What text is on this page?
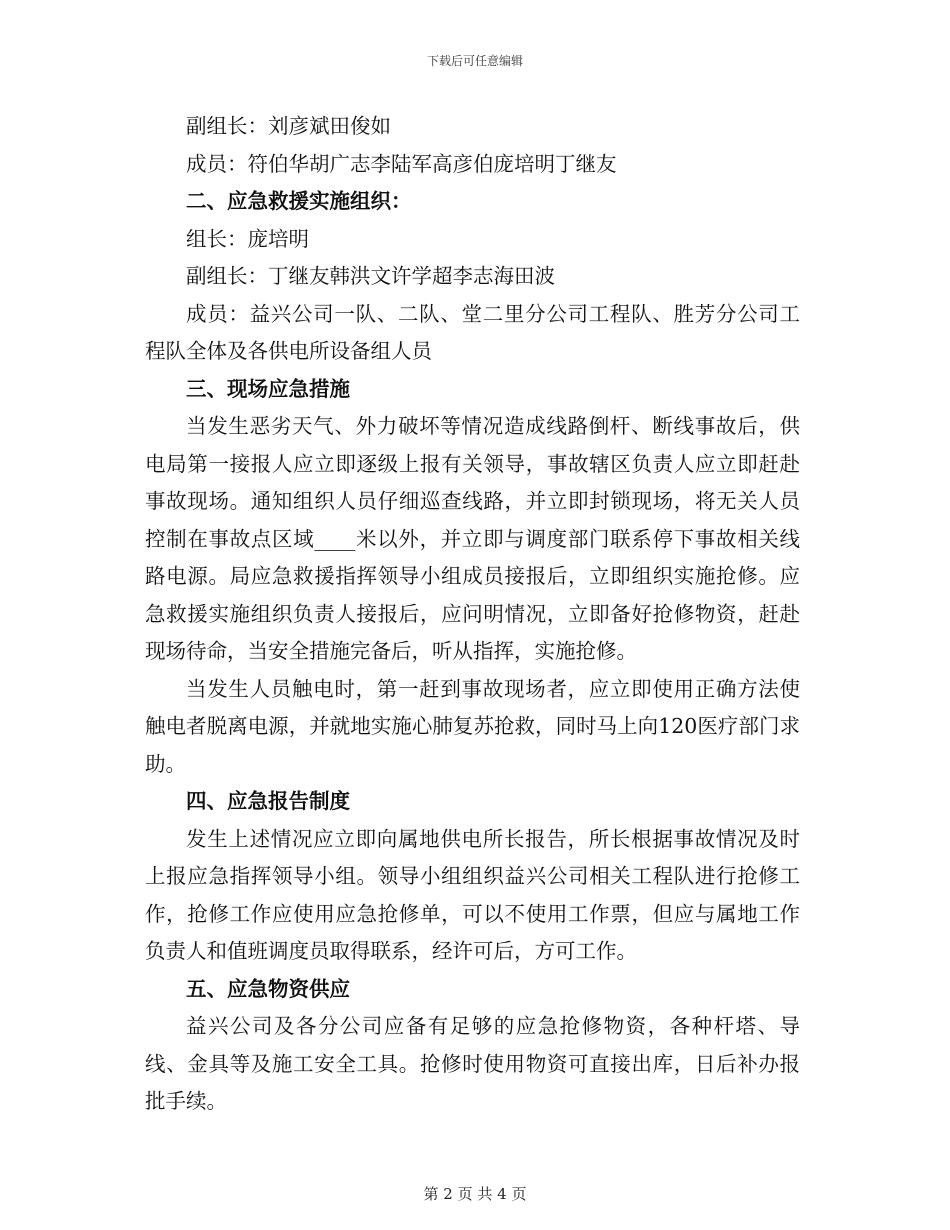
下载后可任意编辑

副组长：刘彦斌田俊如

成员：符伯华胡广志李陆军高彦伯庞培明丁继友

二、应急救援实施组织：

组长：庞培明

副组长：丁继友韩洪文许学超李志海田波

成员：益兴公司一队、二队、堂二里分公司工程队、胜芳分公司工程队全体及各供电所设备组人员

三、现场应急措施

当发生恶劣天气、外力破坏等情况造成线路倒杆、断线事故后，供电局第一接报人应立即逐级上报有关领导，事故辖区负责人应立即赶赴事故现场。通知组织人员仔细巡查线路，并立即封锁现场，将无关人员控制在事故点区域____米以外，并立即与调度部门联系停下事故相关线路电源。局应急救援指挥领导小组成员接报后，立即组织实施抢修。应急救援实施组织负责人接报后，应问明情况，立即备好抢修物资，赶赴现场待命，当安全措施完备后，听从指挥，实施抢修。

当发生人员触电时，第一赶到事故现场者，应立即使用正确方法使触电者脱离电源，并就地实施心肺复苏抢救，同时马上向120医疗部门求助。

四、应急报告制度

发生上述情况应立即向属地供电所长报告，所长根据事故情况及时上报应急指挥领导小组。领导小组组织益兴公司相关工程队进行抢修工作，抢修工作应使用应急抢修单，可以不使用工作票，但应与属地工作负责人和值班调度员取得联系，经许可后，方可工作。

五、应急物资供应

益兴公司及各分公司应备有足够的应急抢修物资，各种杆塔、导线、金具等及施工安全工具。抢修时使用物资可直接出库，日后补办报批手续。

第 2 页 共 4 页
